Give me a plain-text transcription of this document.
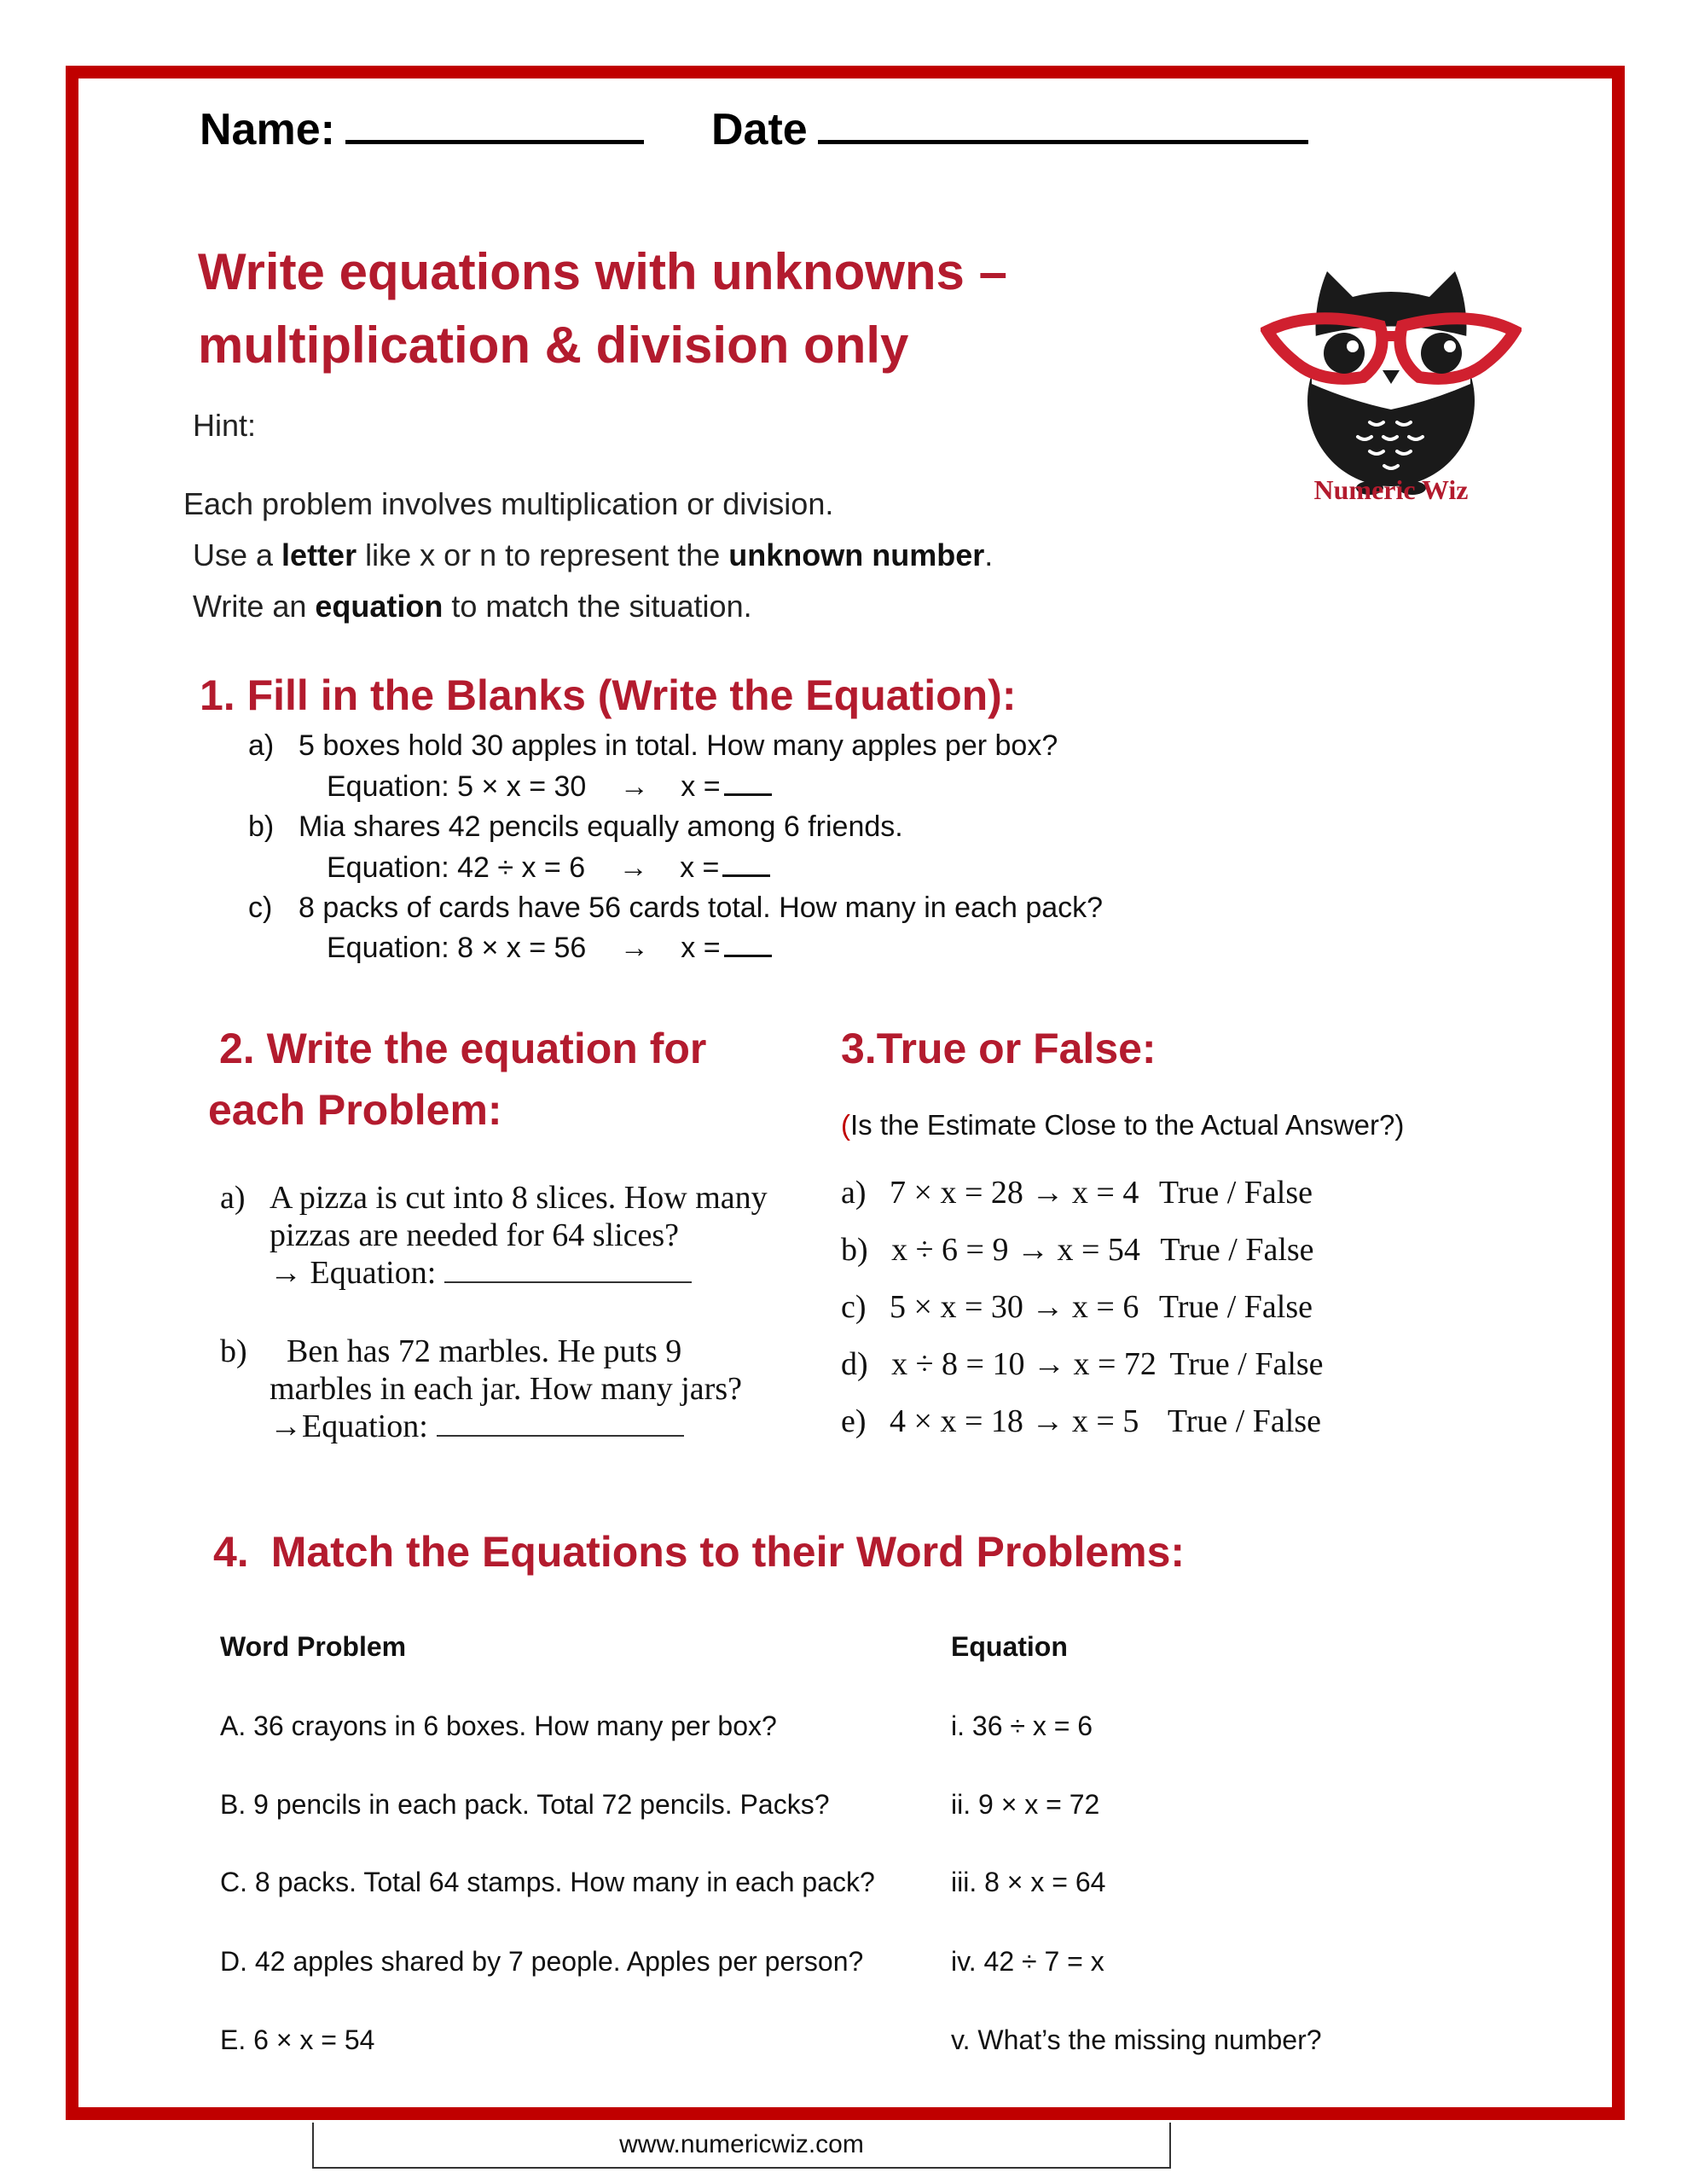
Name:	Date
Write equations with unknowns –
multiplication & division only
Numeric Wiz
Hint:
Each problem involves multiplication or division.
Use a letter like x or n to represent the unknown number.
Write an equation to match the situation.
1. Fill in the Blanks (Write the Equation):
a) 5 boxes hold 30 apples in total. How many apples per box?
Equation: 5 × x = 30 → x =
b) Mia shares 42 pencils equally among 6 friends.
Equation: 42 ÷ x = 6 → x =
c) 8 packs of cards have 56 cards total. How many in each pack?
Equation: 8 × x = 56 → x =
2. Write the equation for
each Problem:
a) A pizza is cut into 8 slices. How many
pizzas are needed for 64 slices?
→ Equation:
b)	Ben has 72 marbles. He puts 9
marbles in each jar. How many jars?
→Equation:
3.True or False:
(Is the Estimate Close to the Actual Answer?)
a) 7 × x = 28 → x = 4 True / False
b) x ÷ 6 = 9 → x = 54 True / False
c) 5 × x = 30 → x = 6 True / False
d) x ÷ 8 = 10 → x = 72 True / False
e) 4 × x = 18 → x = 5 True / False
4. Match the Equations to their Word Problems:
Word Problem	Equation
A. 36 crayons in 6 boxes. How many per box?	i. 36 ÷ x = 6
B. 9 pencils in each pack. Total 72 pencils. Packs?	ii. 9 × x = 72
C. 8 packs. Total 64 stamps. How many in each pack?	iii. 8 × x = 64
D. 42 apples shared by 7 people. Apples per person?	iv. 42 ÷ 7 = x
E. 6 × x = 54	v. What’s the missing number?
www.numericwiz.com
